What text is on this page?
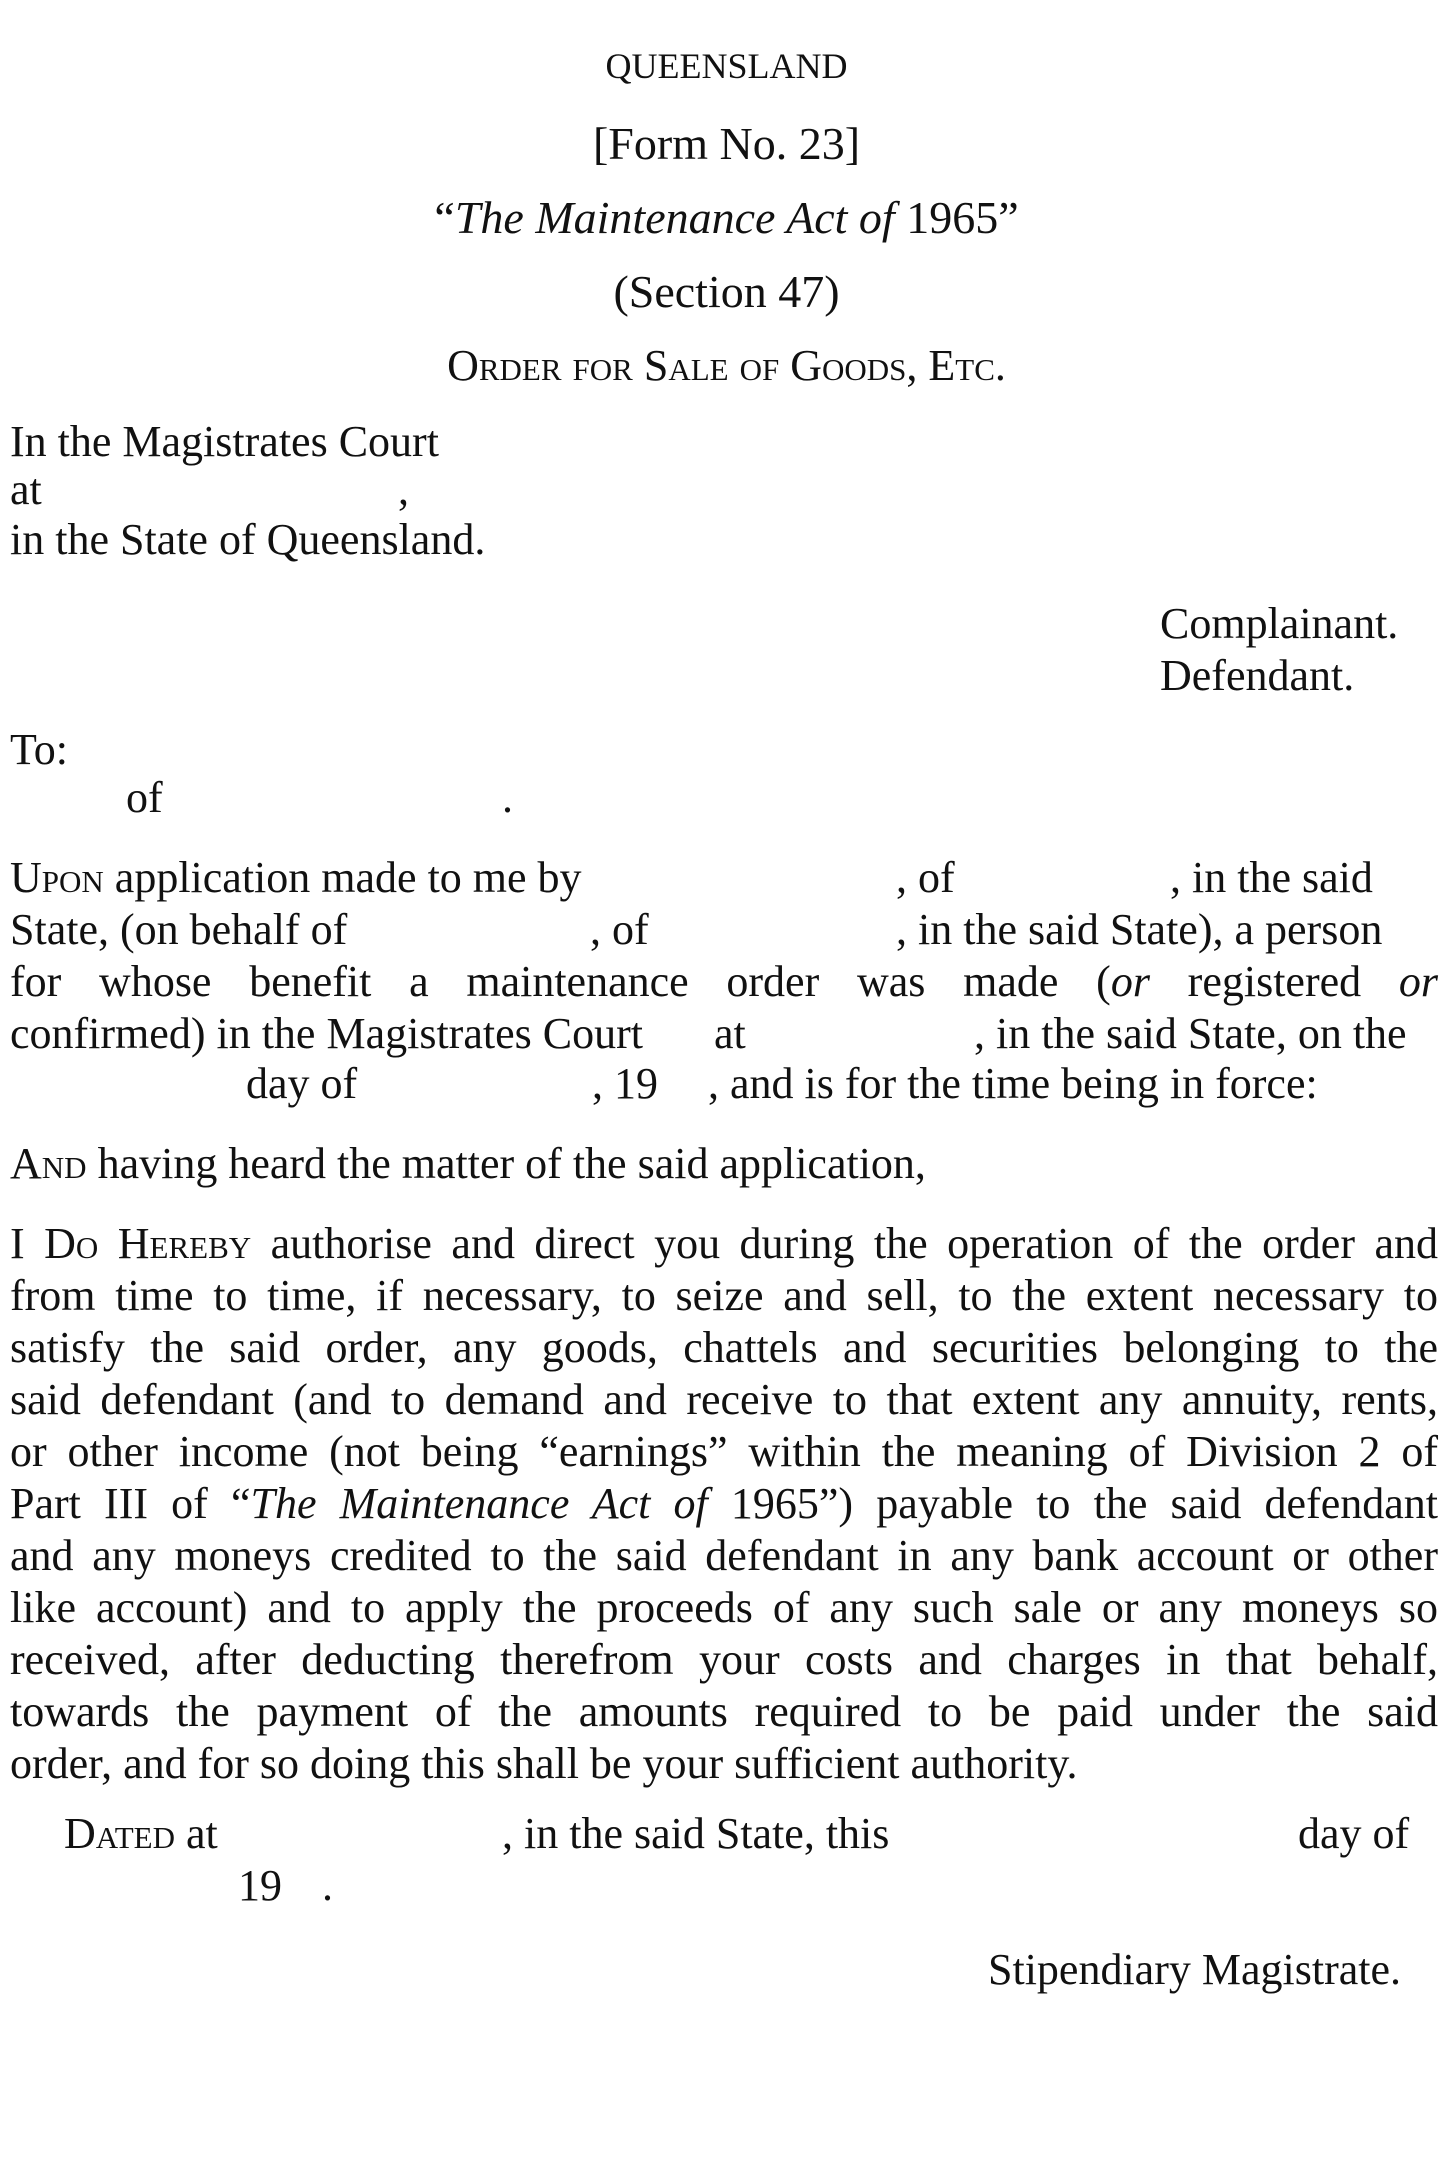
QUEENSLAND
[Form No. 23]
“The Maintenance Act of 1965”
(Section 47)
Order for Sale of Goods, Etc.
In the Magistrates Court
at	,
in the State of Queensland.
Complainant.
Defendant.
To:
of	.
Upon application made to me by	, of	, in the said
State, (on behalf of	, of	, in the said State), a person
for whose benefit a maintenance order was made (or registered or
confirmed) in the Magistrates Court at	, in the said State, on the
day of	, 19 , and is for the time being in force:
And having heard the matter of the said application,
I Do Hereby authorise and direct you during the operation of the order and
from time to time, if necessary, to seize and sell, to the extent necessary to
satisfy the said order, any goods, chattels and securities belonging to the
said defendant (and to demand and receive to that extent any annuity, rents,
or other income (not being “earnings” within the meaning of Division 2 of
Part III of “The Maintenance Act of 1965”) payable to the said defendant
and any moneys credited to the said defendant in any bank account or other
like account) and to apply the proceeds of any such sale or any moneys so
received, after deducting therefrom your costs and charges in that behalf,
towards the payment of the amounts required to be paid under the said
order, and for so doing this shall be your sufficient authority.
Dated at	, in the said State, this	day of
19 .
Stipendiary Magistrate.
